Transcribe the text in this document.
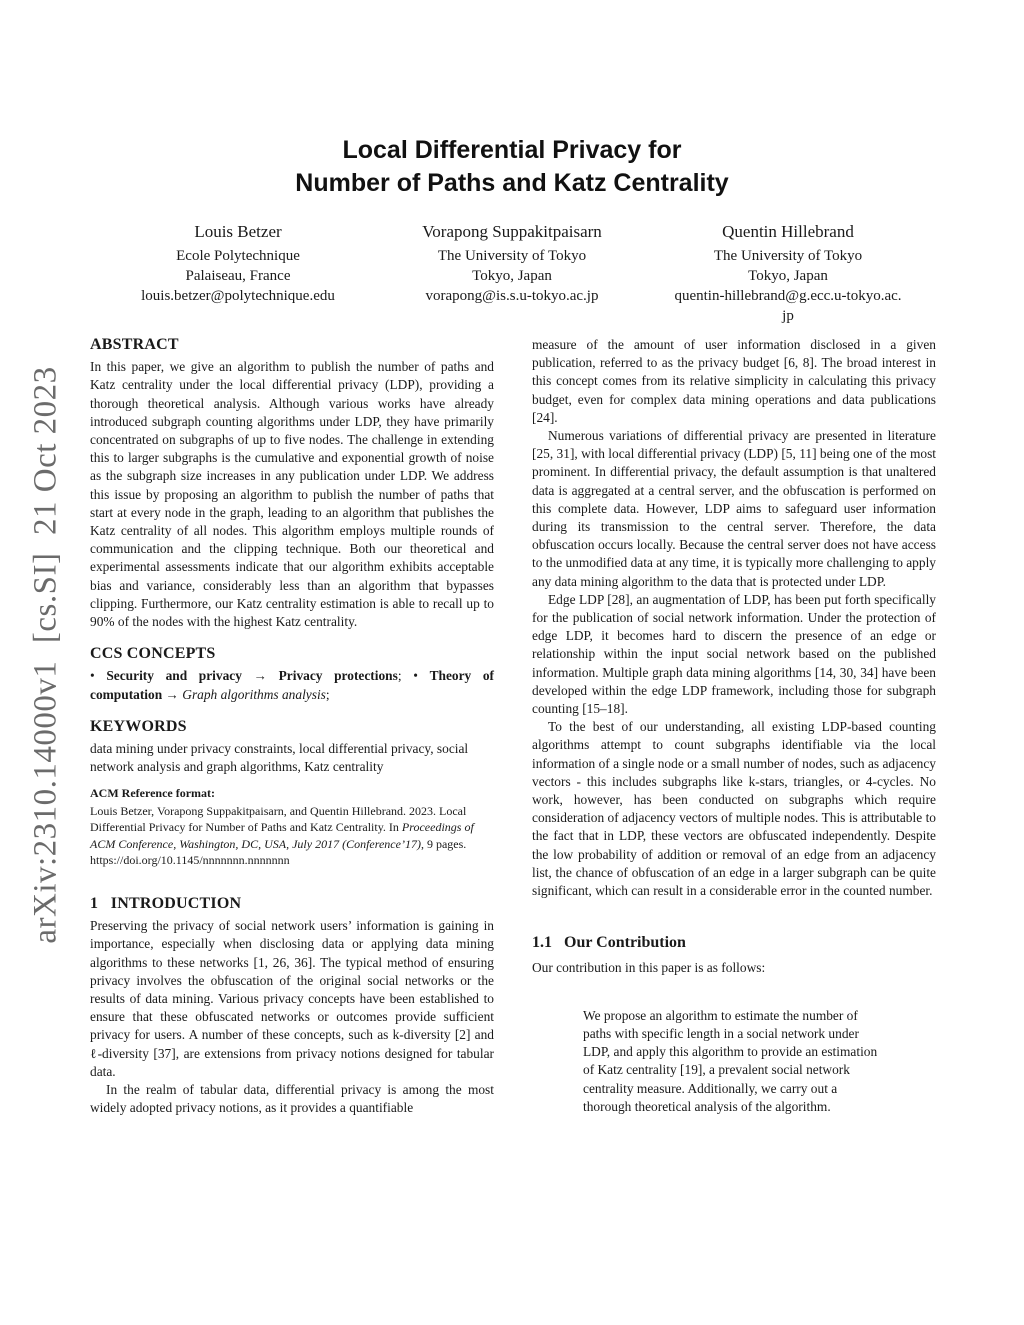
arXiv:2310.14000v1  [cs.SI]  21 Oct 2023
Local Differential Privacy for
Number of Paths and Katz Centrality
Louis Betzer
Ecole Polytechnique
Palaiseau, France
louis.betzer@polytechnique.edu
Vorapong Suppakitpaisarn
The University of Tokyo
Tokyo, Japan
vorapong@is.s.u-tokyo.ac.jp
Quentin Hillebrand
The University of Tokyo
Tokyo, Japan
quentin-hillebrand@g.ecc.u-tokyo.ac.
jp
ABSTRACT

In this paper, we give an algorithm to publish the number of paths and Katz centrality under the local differential privacy (LDP), providing a thorough theoretical analysis. Although various works have already introduced subgraph counting algorithms under LDP, they have primarily concentrated on subgraphs of up to five nodes. The challenge in extending this to larger subgraphs is the cumulative and exponential growth of noise as the subgraph size increases in any publication under LDP. We address this issue by proposing an algorithm to publish the number of paths that start at every node in the graph, leading to an algorithm that publishes the Katz centrality of all nodes. This algorithm employs multiple rounds of communication and the clipping technique. Both our theoretical and experimental assessments indicate that our algorithm exhibits acceptable bias and variance, considerably less than an algorithm that bypasses clipping. Furthermore, our Katz centrality estimation is able to recall up to 90% of the nodes with the highest Katz centrality.

CCS CONCEPTS
• Security and privacy → Privacy protections; • Theory of computation → Graph algorithms analysis;
KEYWORDS

data mining under privacy constraints, local differential privacy, social network analysis and graph algorithms, Katz centrality

ACM Reference format:
Louis Betzer, Vorapong Suppakitpaisarn, and Quentin Hillebrand. 2023. Local Differential Privacy for Number of Paths and Katz Centrality. In Proceedings of ACM Conference, Washington, DC, USA, July 2017 (Conference’17), 9 pages.
https://doi.org/10.1145/nnnnnnn.nnnnnnn
1   INTRODUCTION

Preserving the privacy of social network users’ information is gaining in importance, especially when disclosing data or applying data mining algorithms to these networks [1, 26, 36]. The typical method of ensuring privacy involves the obfuscation of the original social networks or the results of data mining. Various privacy concepts have been established to ensure that these obfuscated networks or outcomes provide sufficient privacy for users. A number of these concepts, such as k-diversity [2] and ℓ-diversity [37], are extensions from privacy notions designed for tabular data.

In the realm of tabular data, differential privacy is among the most widely adopted privacy notions, as it provides a quantifiable

measure of the amount of user information disclosed in a given publication, referred to as the privacy budget [6, 8]. The broad interest in this concept comes from its relative simplicity in calculating this privacy budget, even for complex data mining operations and data publications [24].

Numerous variations of differential privacy are presented in literature [25, 31], with local differential privacy (LDP) [5, 11] being one of the most prominent. In differential privacy, the default assumption is that unaltered data is aggregated at a central server, and the obfuscation is performed on this complete data. However, LDP aims to safeguard user information during its transmission to the central server. Therefore, the data obfuscation occurs locally. Because the central server does not have access to the unmodified data at any time, it is typically more challenging to apply any data mining algorithm to the data that is protected under LDP.

Edge LDP [28], an augmentation of LDP, has been put forth specifically for the publication of social network information. Under the protection of edge LDP, it becomes hard to discern the presence of an edge or relationship within the input social network based on the published information. Multiple graph data mining algorithms [14, 30, 34] have been developed within the edge LDP framework, including those for subgraph counting [15–18].

To the best of our understanding, all existing LDP-based counting algorithms attempt to count subgraphs identifiable via the local information of a single node or a small number of nodes, such as adjacency vectors - this includes subgraphs like k-stars, triangles, or 4-cycles. No work, however, has been conducted on subgraphs which require consideration of adjacency vectors of multiple nodes. This is attributable to the fact that in LDP, these vectors are obfuscated independently. Despite the low probability of addition or removal of an edge from an adjacency list, the chance of obfuscation of an edge in a larger subgraph can be quite significant, which can result in a considerable error in the counted number.

1.1   Our Contribution

Our contribution in this paper is as follows:

We propose an algorithm to estimate the number of paths with specific length in a social network under LDP, and apply this algorithm to provide an estimation of Katz centrality [19], a prevalent social network centrality measure. Additionally, we carry out a thorough theoretical analysis of the algorithm.
